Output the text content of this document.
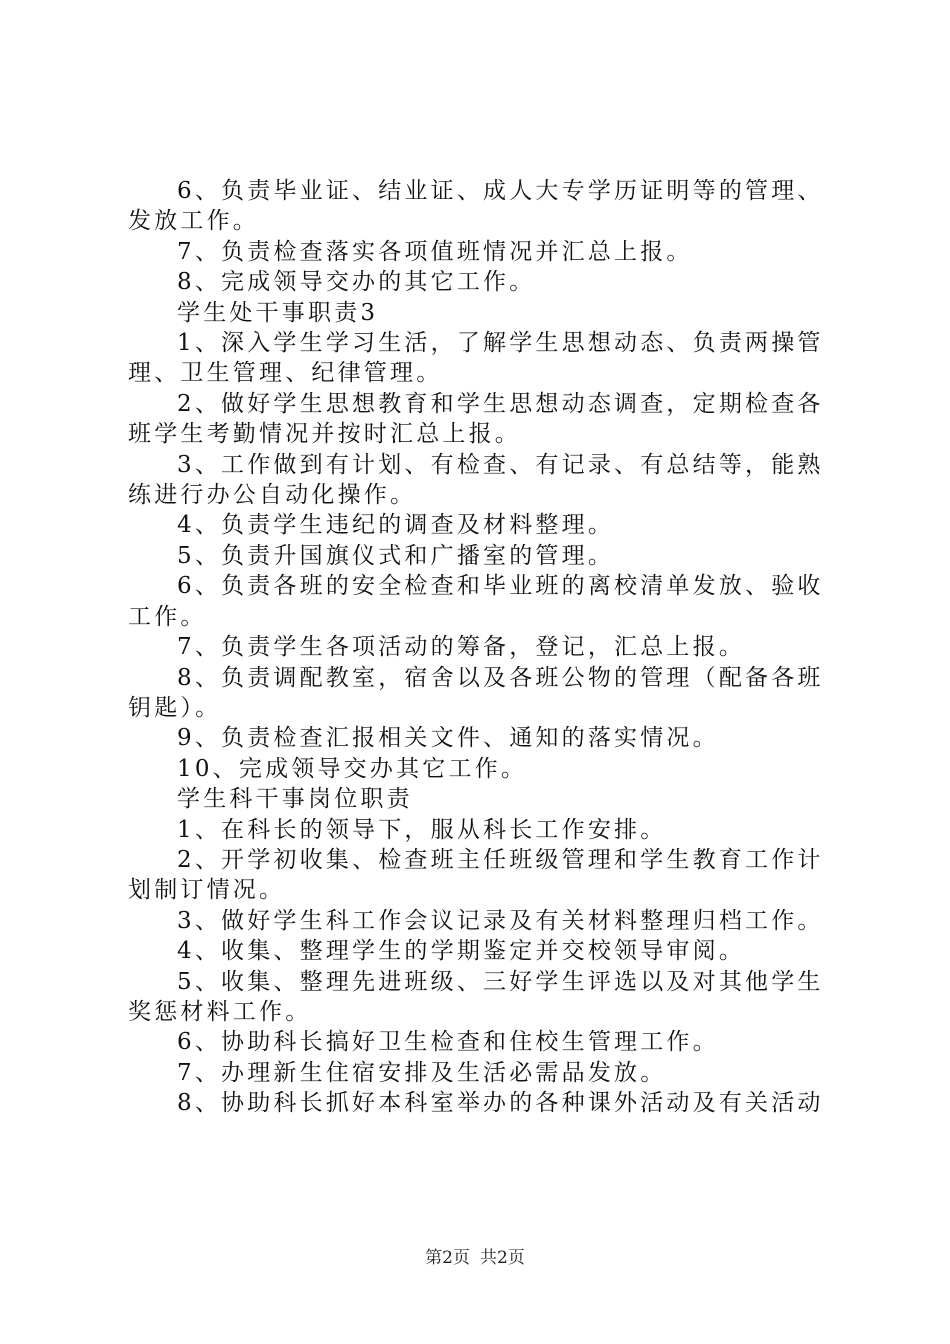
6、负责毕业证、结业证、成人大专学历证明等的管理、发放工作。

7、负责检查落实各项值班情况并汇总上报。

8、完成领导交办的其它工作。

学生处干事职责3

1、深入学生学习生活，了解学生思想动态、负责两操管理、卫生管理、纪律管理。

2、做好学生思想教育和学生思想动态调查，定期检查各班学生考勤情况并按时汇总上报。

3、工作做到有计划、有检查、有记录、有总结等，能熟练进行办公自动化操作。

4、负责学生违纪的调查及材料整理。

5、负责升国旗仪式和广播室的管理。

6、负责各班的安全检查和毕业班的离校清单发放、验收工作。

7、负责学生各项活动的筹备，登记，汇总上报。

8、负责调配教室，宿舍以及各班公物的管理（配备各班钥匙）。

9、负责检查汇报相关文件、通知的落实情况。

10、完成领导交办其它工作。

学生科干事岗位职责

1、在科长的领导下，服从科长工作安排。

2、开学初收集、检查班主任班级管理和学生教育工作计划制订情况。

3、做好学生科工作会议记录及有关材料整理归档工作。

4、收集、整理学生的学期鉴定并交校领导审阅。

5、收集、整理先进班级、三好学生评选以及对其他学生奖惩材料工作。

6、协助科长搞好卫生检查和住校生管理工作。

7、办理新生住宿安排及生活必需品发放。

8、协助科长抓好本科室举办的各种课外活动及有关活动

第2页 共2页
